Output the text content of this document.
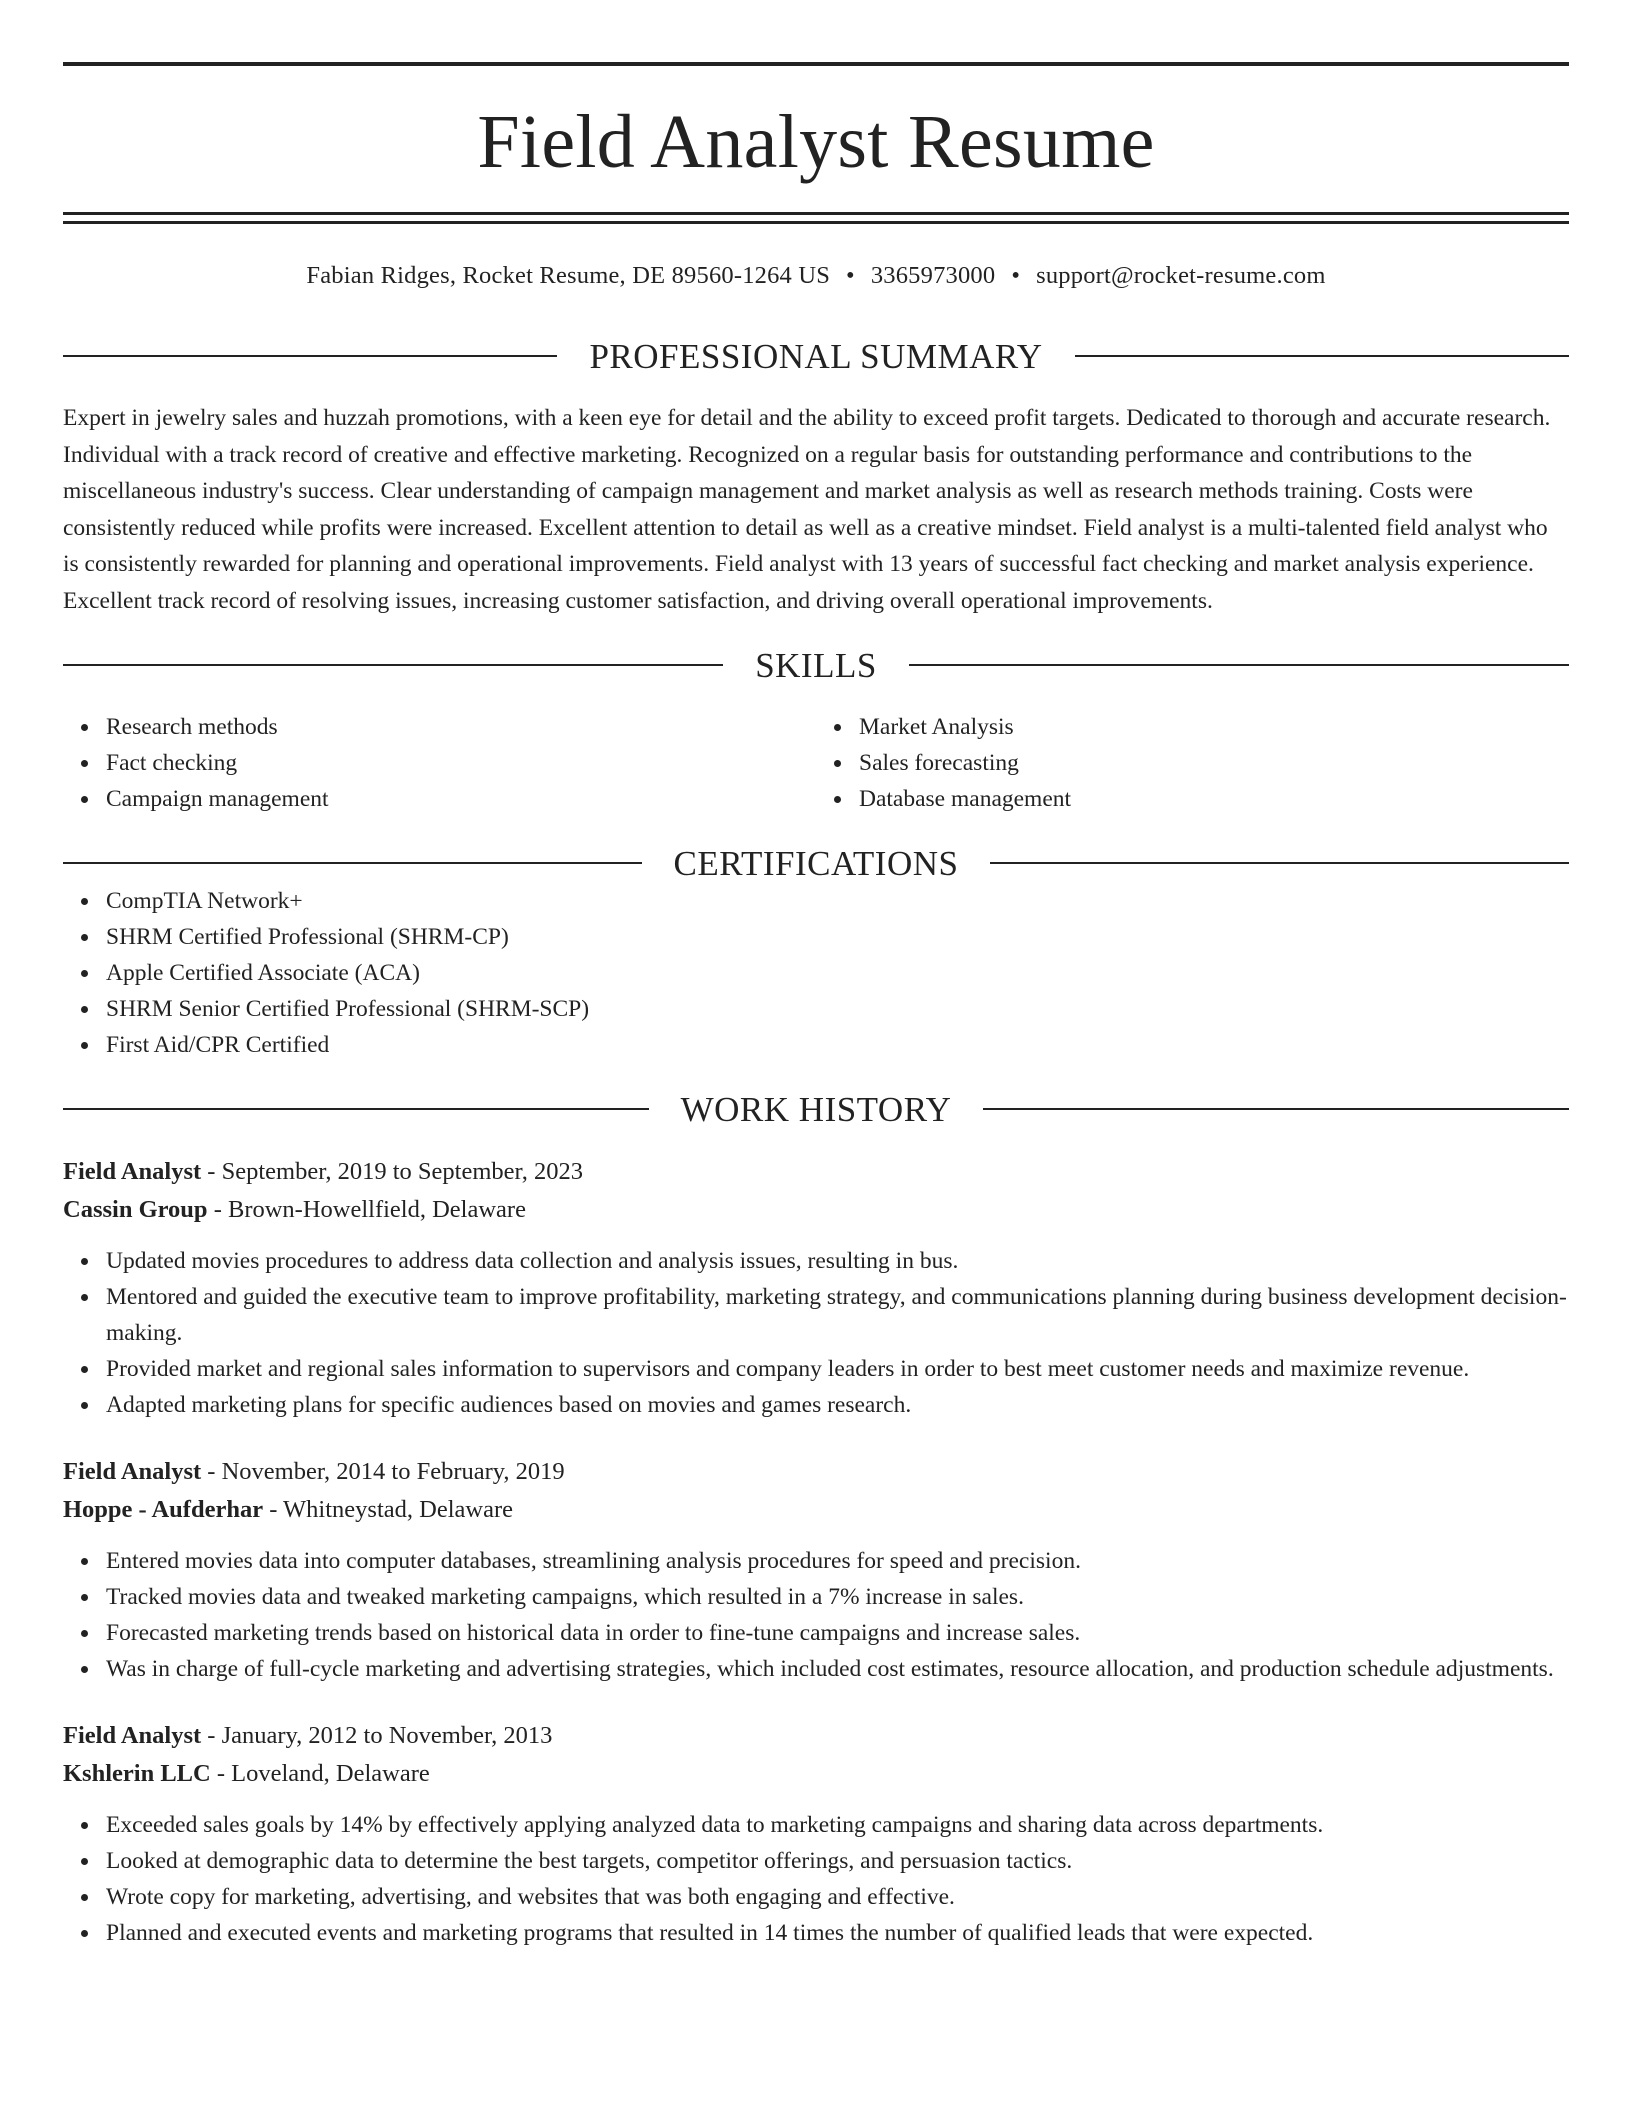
Field Analyst Resume
Fabian Ridges, Rocket Resume, DE 89560-1264 US • 3365973000 • support@rocket-resume.com
PROFESSIONAL SUMMARY

Expert in jewelry sales and huzzah promotions, with a keen eye for detail and the ability to exceed profit targets. Dedicated to thorough and accurate research. Individual with a track record of creative and effective marketing. Recognized on a regular basis for outstanding performance and contributions to the miscellaneous industry's success. Clear understanding of campaign management and market analysis as well as research methods training. Costs were consistently reduced while profits were increased. Excellent attention to detail as well as a creative mindset. Field analyst is a multi-talented field analyst who is consistently rewarded for planning and operational improvements. Field analyst with 13 years of successful fact checking and market analysis experience. Excellent track record of resolving issues, increasing customer satisfaction, and driving overall operational improvements.

SKILLS
Research methods
Fact checking
Campaign management
Market Analysis
Sales forecasting
Database management
CERTIFICATIONS
CompTIA Network+
SHRM Certified Professional (SHRM-CP)
Apple Certified Associate (ACA)
SHRM Senior Certified Professional (SHRM-SCP)
First Aid/CPR Certified
WORK HISTORY
Field Analyst - September, 2019 to September, 2023
Cassin Group - Brown-Howellfield, Delaware
Updated movies procedures to address data collection and analysis issues, resulting in bus.
Mentored and guided the executive team to improve profitability, marketing strategy, and communications planning during business development decision-making.
Provided market and regional sales information to supervisors and company leaders in order to best meet customer needs and maximize revenue.
Adapted marketing plans for specific audiences based on movies and games research.
Field Analyst - November, 2014 to February, 2019
Hoppe - Aufderhar - Whitneystad, Delaware
Entered movies data into computer databases, streamlining analysis procedures for speed and precision.
Tracked movies data and tweaked marketing campaigns, which resulted in a 7% increase in sales.
Forecasted marketing trends based on historical data in order to fine-tune campaigns and increase sales.
Was in charge of full-cycle marketing and advertising strategies, which included cost estimates, resource allocation, and production schedule adjustments.
Field Analyst - January, 2012 to November, 2013
Kshlerin LLC - Loveland, Delaware
Exceeded sales goals by 14% by effectively applying analyzed data to marketing campaigns and sharing data across departments.
Looked at demographic data to determine the best targets, competitor offerings, and persuasion tactics.
Wrote copy for marketing, advertising, and websites that was both engaging and effective.
Planned and executed events and marketing programs that resulted in 14 times the number of qualified leads that were expected.
